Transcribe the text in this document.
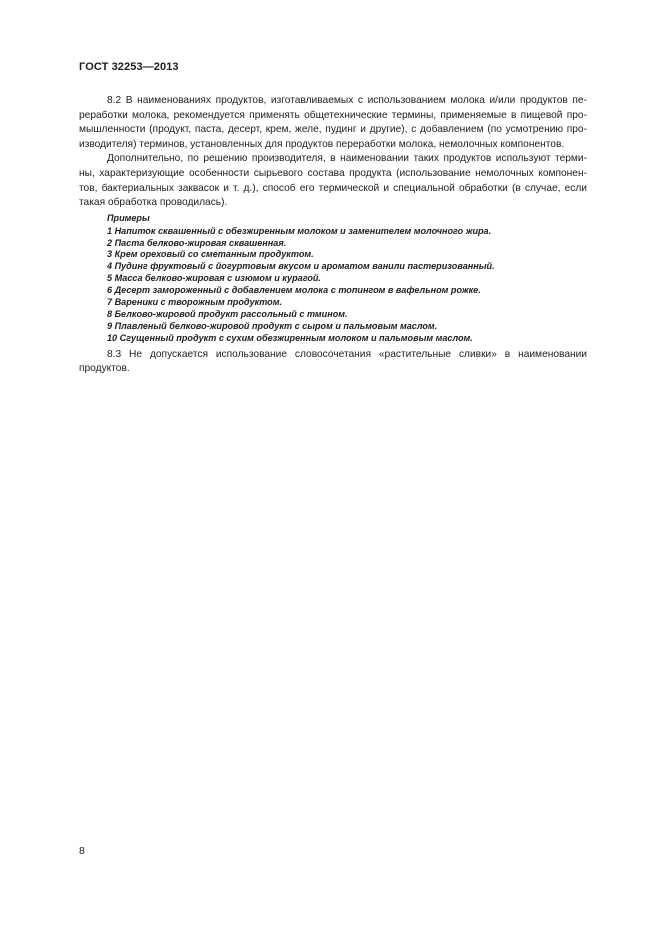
ГОСТ 32253—2013

8.2 В наименованиях продуктов, изготавливаемых с использованием молока и/или продуктов пе-
реработки молока, рекомендуется применять общетехнические термины, применяемые в пищевой про-
мышленности (продукт, паста, десерт, крем, желе, пудинг и другие), с добавлением (по усмотрению про-
изводителя) терминов, установленных для продуктов переработки молока, немолочных компонентов.

Дополнительно, по решению производителя, в наименовании таких продуктов используют терми-
ны, характеризующие особенности сырьевого состава продукта (использование немолочных компонен-
тов, бактериальных заквасок и т. д.), способ его термической и специальной обработки (в случае, если
такая обработка проводилась).

Примеры
1 Напиток сквашенный с обезжиренным молоком и заменителем молочного жира.
2 Паста белково-жировая сквашенная.
3 Крем ореховый со сметанным продуктом.
4 Пудинг фруктовый с йогуртовым вкусом и ароматом ванили пастеризованный.
5 Масса белково-жировая с изюмом и курагой.
6 Десерт замороженный с добавлением молока с топингом в вафельном рожке.
7 Вареники с творожным продуктом.
8 Белково-жировой продукт рассольный с тмином.
9 Плавленый белково-жировой продукт с сыром и пальмовым маслом.
10 Сгущенный продукт с сухим обезжиренным молоком и пальмовым маслом.

8.3 Не допускается использование словосочетания «растительные сливки» в наименовании
продуктов.

8
